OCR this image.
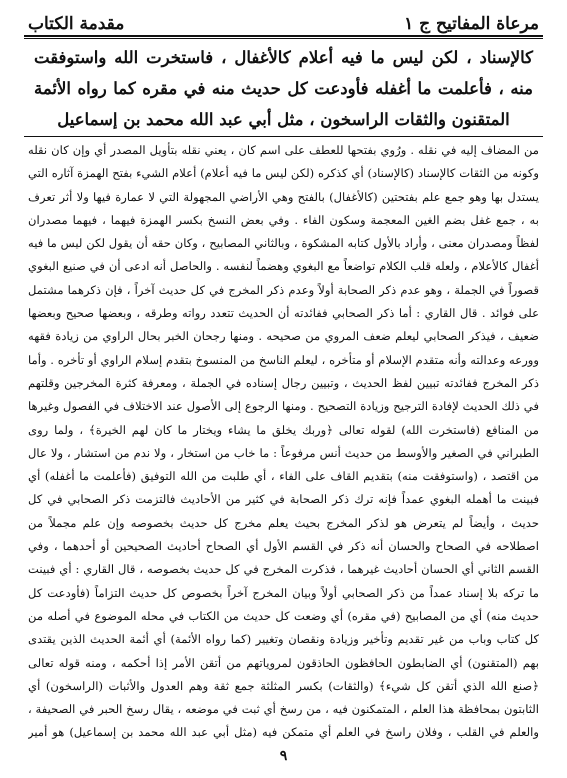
مقدمة الكتاب	مرعاة المفاتيح ج ١
كالإسناد ، لكن ليس ما فيه أعلام كالأغفال ، فاستخرت الله واستوفقت منه ، فأعلمت ما أغفله فأودعت كل حديث منه في مقره كما رواه الأئمة المتقنون والثقات الراسخون ، مثل أبي عبد الله محمد بن إسماعيل

من المضاف إليه في نقله . ورُوي بفتحها للعطف على اسم كان ، يعني نقله بتأويل المصدر أي وإن كان نقله وكونه من الثقات كالإسناد (كالإسناد) أي كذكره (لكن ليس ما فيه أعلام) أعلام الشيء بفتح الهمزة آثاره التي يستدل بها وهو جمع علم بفتحتين (كالأغفال) بالفتح وهي الأراضي المجهولة التي لا عمارة فيها ولا أثر تعرف به ، جمع غفل بضم الغين المعجمة وسكون الفاء . وفي بعض النسخ بكسر الهمزة فيهما ، فيهما مصدران لفظاً ومصدران معنى ، وأراد بالأول كتابه المشكوة ، وبالثاني المصابيح ، وكان حقه أن يقول لكن ليس ما فيه أغفال كالأعلام ، ولعله قلب الكلام تواضعاً مع البغوي وهضماً لنفسه . والحاصل أنه ادعى أن في صنيع البغوي قصوراً في الجملة ، وهو عدم ذكر الصحابة أولاً وعدم ذكر المخرج في كل حديث آخراً ، فإن ذكرهما مشتمل على فوائد . قال القاري : أما ذكر الصحابي ففائدته أن الحديث تتعدد رواته وطرقه ، وبعضها صحيح وبعضها ضعيف ، فيذكر الصحابي ليعلم ضعف المروي من صحيحه . ومنها رجحان الخبر بحال الراوي من زيادة فقهه وورعه وعدالته وأنه متقدم الإسلام أو متأخره ، ليعلم الناسخ من المنسوخ بتقدم إسلام الراوي أو تأخره . وأما ذكر المخرج ففائدته تبيين لفظ الحديث ، وتبيين رجال إسناده في الجملة ، ومعرفة كثرة المخرجين وقلتهم في ذلك الحديث لإفادة الترجيح وزيادة التصحيح . ومنها الرجوع إلى الأصول عند الاختلاف في الفصول وغيرها من المنافع (فاستخرت الله) لقوله تعالى ﴿وربك يخلق ما يشاء ويختار ما كان لهم الخيرة﴾ ، ولما روى الطبراني في الصغير والأوسط من حديث أنس مرفوعاً : ما خاب من استخار ، ولا ندم من استشار ، ولا عال من اقتصد ، (واستوفقت منه) بتقديم القاف على الفاء ، أي طلبت من الله التوفيق (فأعلمت ما أغفله) أي فبينت ما أهمله البغوي عمداً فإنه ترك ذكر الصحابة في كثير من الأحاديث فالتزمت ذكر الصحابي في كل حديث ، وأيضاً لم يتعرض هو لذكر المخرج بحيث يعلم مخرج كل حديث بخصوصه وإن علم مجملاً من اصطلاحه في الصحاح والحسان أنه ذكر في القسم الأول أي الصحاح أحاديث الصحيحين أو أحدهما ، وفي القسم الثاني أي الحسان أحاديث غيرهما ، فذكرت المخرج في كل حديث بخصوصه ، قال القاري : أي فبينت ما تركه بلا إسناد عمداً من ذكر الصحابي أولاً وبيان المخرج آخراً بخصوص كل حديث التزاماً (فأودعت كل حديث منه) أي من المصابيح (في مقره) أي وضعت كل حديث من الكتاب في محله الموضوع في أصله من كل كتاب وباب من غير تقديم وتأخير وزيادة ونقصان وتغيير (كما رواه الأئمة) أي أئمة الحديث الذين يقتدى بهم (المتقنون) أي الضابطون الحافظون الحاذقون لمروياتهم من أتقن الأمر إذا أحكمه ، ومنه قوله تعالى ﴿صنع الله الذي أتقن كل شيء﴾ (والثقات) بكسر المثلثة جمع ثقة وهم العدول والأثبات (الراسخون) أي الثابتون بمحافظة هذا العلم ، المتمكنون فيه ، من رسخ أي ثبت في موضعه ، يقال رسخ الحبر في الصحيفة ، والعلم في القلب ، وفلان راسخ في العلم أي متمكن فيه (مثل أبي عبد الله محمد بن إسماعيل) هو أمير

٩
